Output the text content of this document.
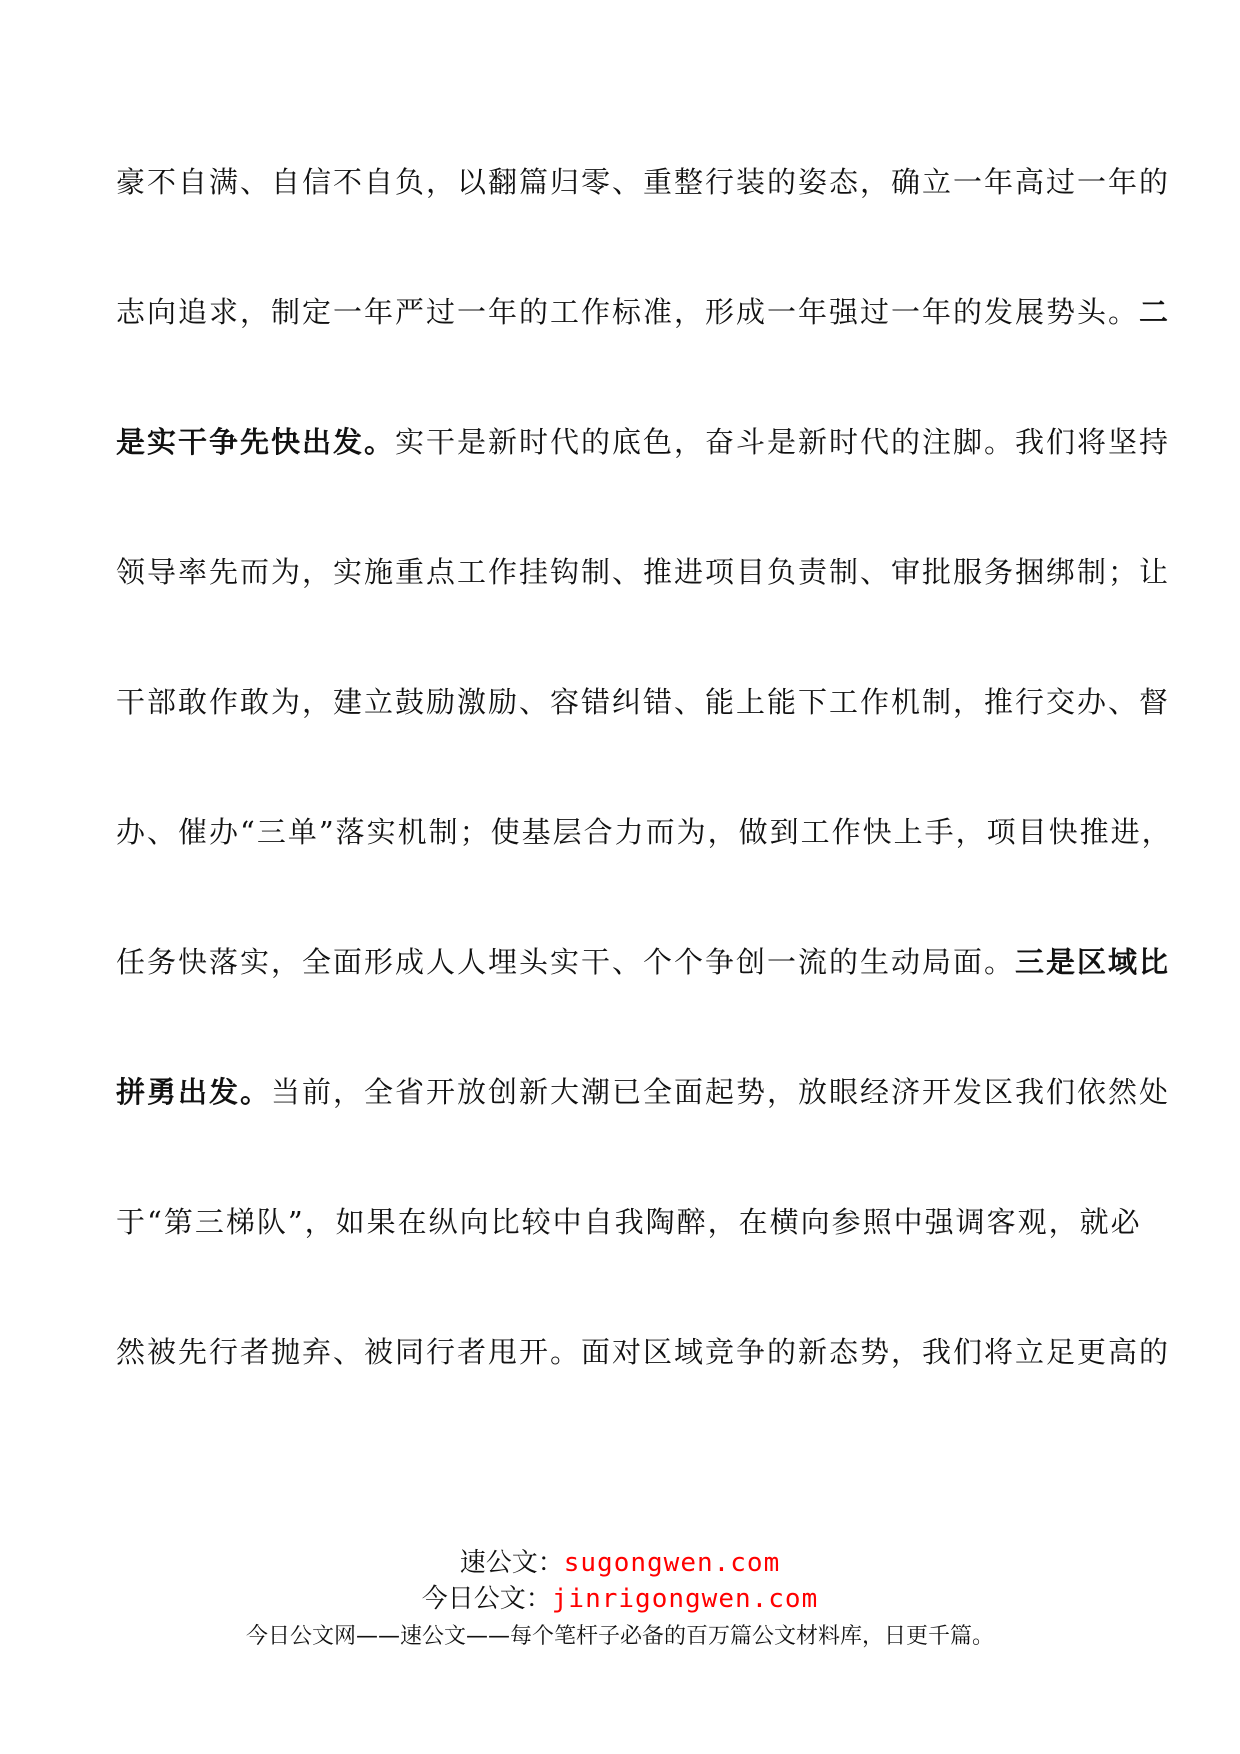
豪不自满、自信不自负，以翻篇归零、重整行装的姿态，确立一年高过一年的
志向追求，制定一年严过一年的工作标准，形成一年强过一年的发展势头。二
是实干争先快出发。实干是新时代的底色，奋斗是新时代的注脚。我们将坚持
领导率先而为，实施重点工作挂钩制、推进项目负责制、审批服务捆绑制；让
干部敢作敢为，建立鼓励激励、容错纠错、能上能下工作机制，推行交办、督
办、催办“三单”落实机制；使基层合力而为，做到工作快上手，项目快推进，
任务快落实，全面形成人人埋头实干、个个争创一流的生动局面。三是区域比
拼勇出发。当前，全省开放创新大潮已全面起势，放眼经济开发区我们依然处
于“第三梯队”，如果在纵向比较中自我陶醉，在横向参照中强调客观，就必
然被先行者抛弃、被同行者甩开。面对区域竞争的新态势，我们将立足更高的
速公文：sugongwen.com
今日公文：jinrigongwen.com
今日公文网——速公文——每个笔杆子必备的百万篇公文材料库，日更千篇。
